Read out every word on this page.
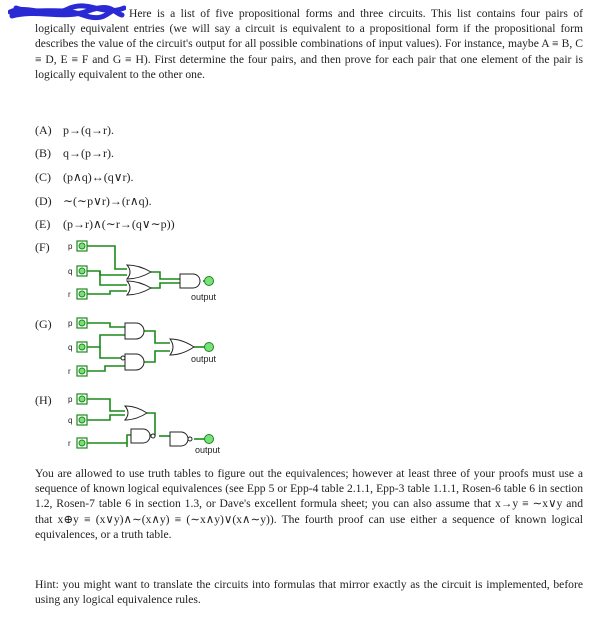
Here is a list of five propositional forms and three circuits. This list contains four pairs of logically equivalent entries (we will say a circuit is equivalent to a propositional form if the propositional form describes the value of the circuit's output for all possible combinations of input values). For instance, maybe A ≡ B, C ≡ D, E ≡ F and G ≡ H). First determine the four pairs, and then prove for each pair that one element of the pair is logically equivalent to the other one.
(A) p→(q→r).
(B) q→(p→r).
(C) (p∧q)↔(q∨r).
(D) ∼(∼p∨r)→(r∧q).
(E) (p→r)∧(∼r→(q∨∼p))
(F) p
q
r	output
(G) p
q
r
output
(H) p
q
r
output
You are allowed to use truth tables to figure out the equivalences; however at least three of your proofs must use a sequence of known logical equivalences (see Epp 5 or Epp-4 table 2.1.1, Epp-3 table 1.1.1, Rosen-6 table 6 in section 1.2, Rosen-7 table 6 in section 1.3, or Dave's excellent formula sheet; you can also assume that x→y ≡ ∼x∨y and that x⊕y ≡ (x∨y)∧∼(x∧y) ≡ (∼x∧y)∨(x∧∼y)). The fourth proof can use either a sequence of known logical equivalences, or a truth table.
Hint: you might want to translate the circuits into formulas that mirror exactly as the circuit is implemented, before using any logical equivalence rules.
